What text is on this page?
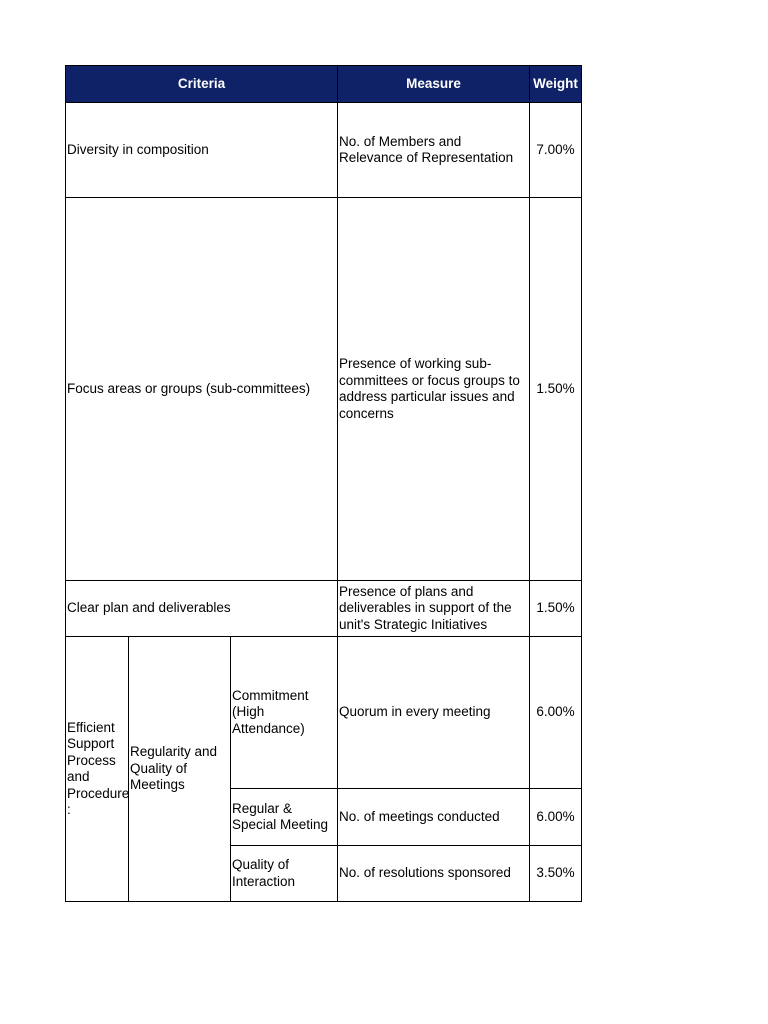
Criteria			Measure	Weight
Diversity in composition			No. of Members and Relevance of Representation	7.00%
Focus areas or groups (sub-committees)			Presence of working sub-committees or focus groups to address particular issues and concerns	1.50%
Clear plan and deliverables			Presence of plans and deliverables in support of the unit's Strategic Initiatives	1.50%
Efficient Support Process and Procedure :	Regularity and Quality of Meetings	Commitment (High Attendance)	Quorum in every meeting	6.00%
		Regular & Special Meeting	No. of meetings conducted	6.00%
		Quality of Interaction	No. of resolutions sponsored	3.50%
